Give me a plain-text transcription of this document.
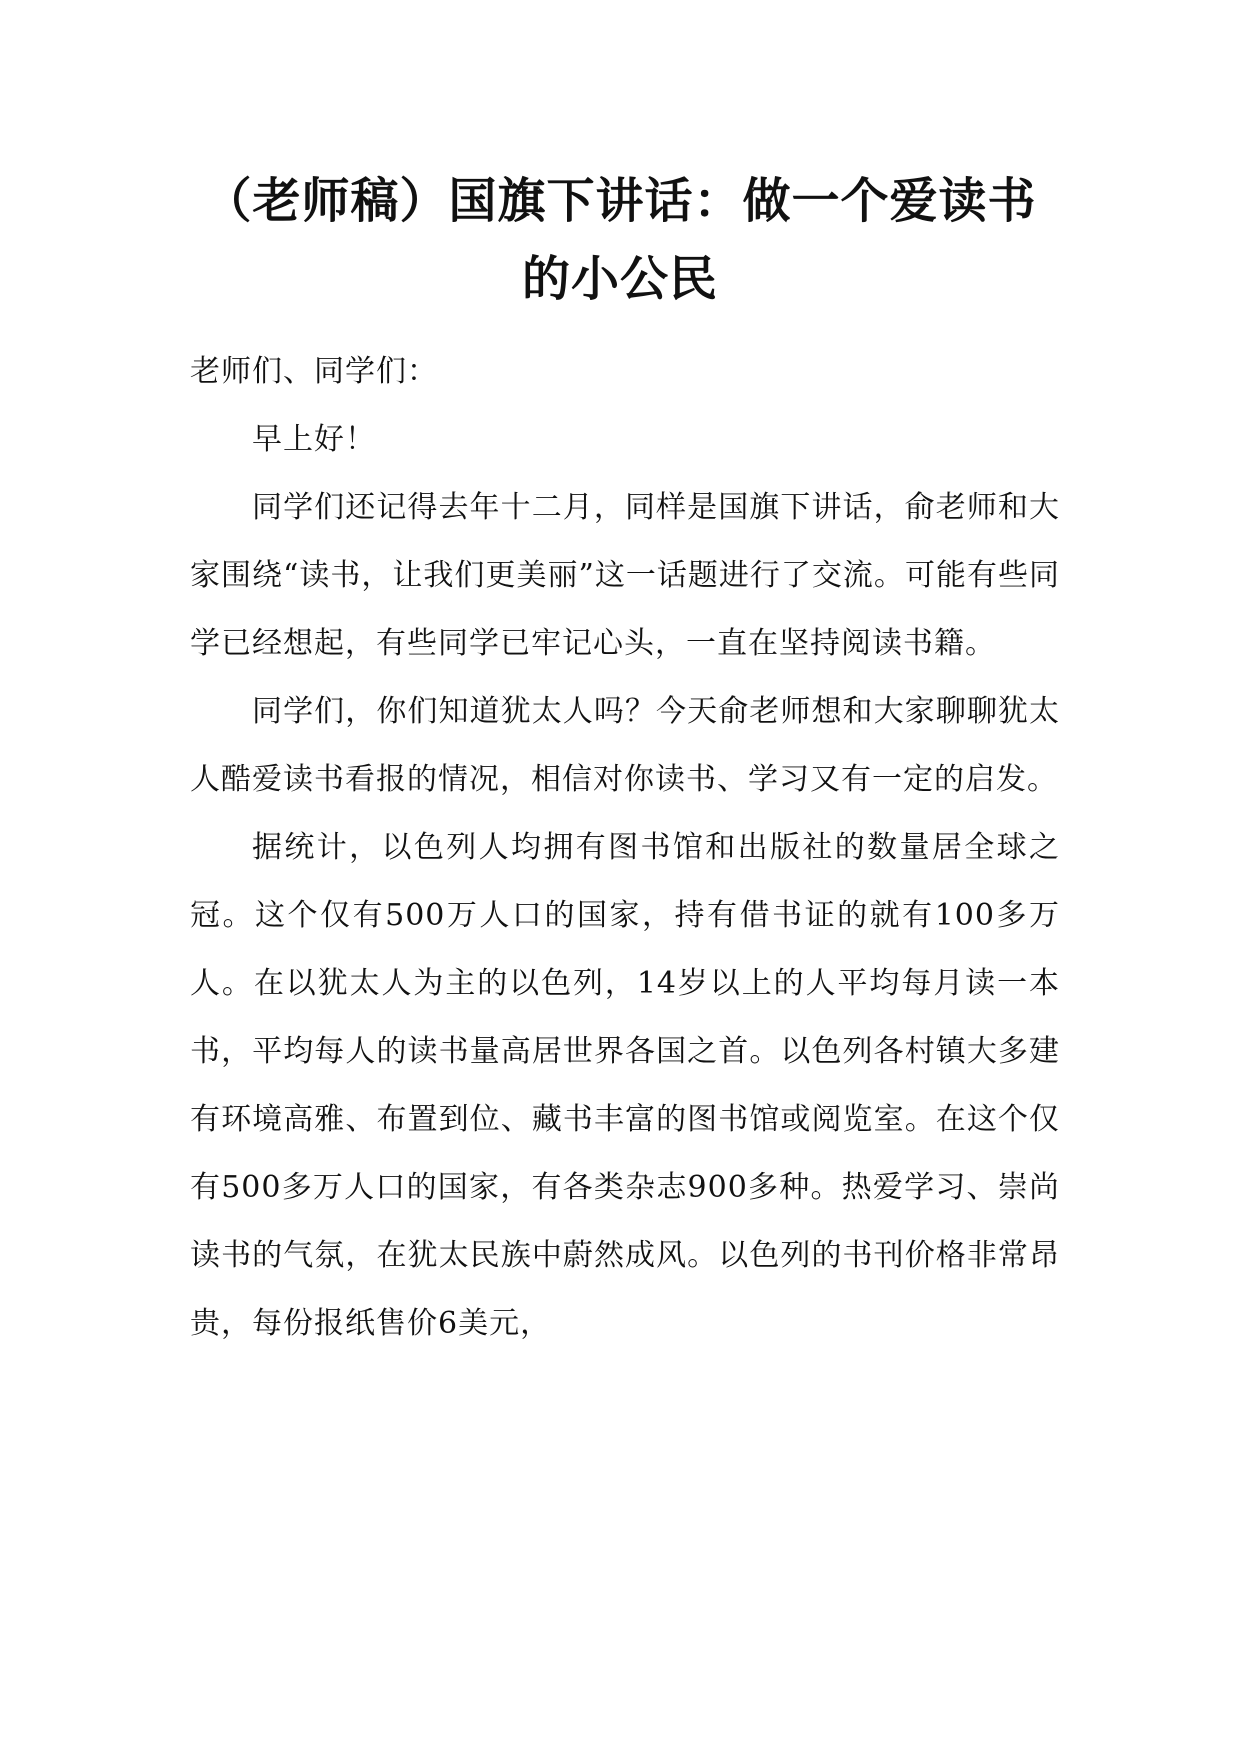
（老师稿）国旗下讲话：做一个爱读书
的小公民

老师们、同学们：

早上好！

同学们还记得去年十二月，同样是国旗下讲话，俞老师和大家围绕“读书，让我们更美丽”这一话题进行了交流。可能有些同学已经想起，有些同学已牢记心头，一直在坚持阅读书籍。

同学们，你们知道犹太人吗？今天俞老师想和大家聊聊犹太人酷爱读书看报的情况，相信对你读书、学习又有一定的启发。

据统计，以色列人均拥有图书馆和出版社的数量居全球之冠。这个仅有500万人口的国家，持有借书证的就有100多万人。在以犹太人为主的以色列，14岁以上的人平均每月读一本书，平均每人的读书量高居世界各国之首。以色列各村镇大多建有环境高雅、布置到位、藏书丰富的图书馆或阅览室。在这个仅有500多万人口的国家，有各类杂志900多种。热爱学习、崇尚读书的气氛，在犹太民族中蔚然成风。以色列的书刊价格非常昂贵，每份报纸售价6美元，
